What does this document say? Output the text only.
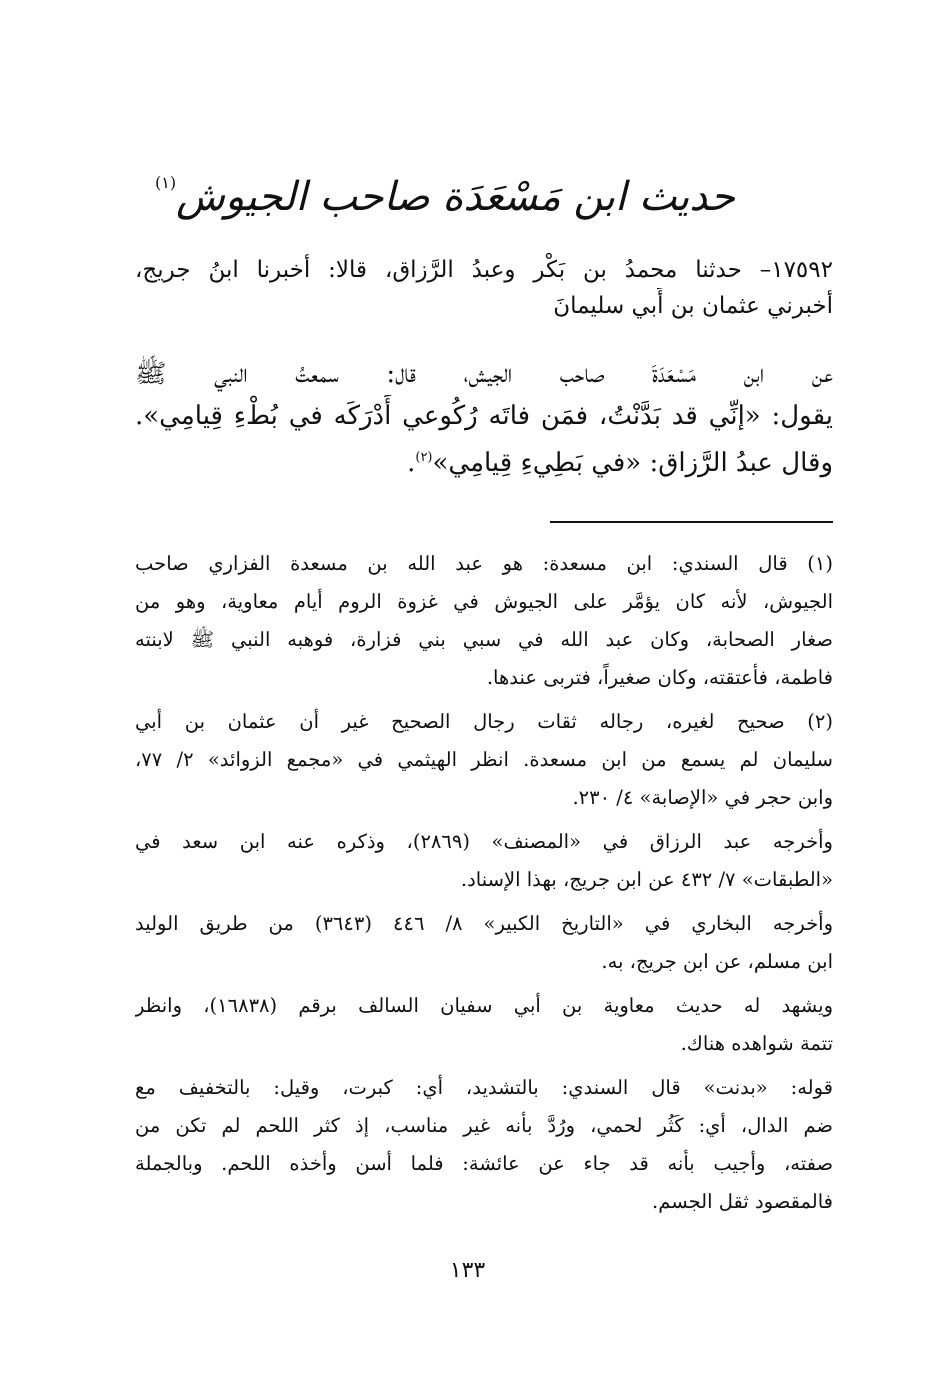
حديث ابن مَسْعَدَة صاحب الجيوش$^{(١)}$
١٧٥٩٢– حدثنا محمدُ بن بَكْر وعبدُ الرَّزاق، قالا: أخبرنا ابنُ جريج،
أخبرني عثمان بن أَبي سليمانَ
عن ابن مَسْعَدَةَ صاحب الجيش، قال: سمعتُ النبي ﷺ
يقول: «إنِّي قد بَدَّنْتُ، فمَن فاتَه رُكُوعي أَدْرَكَه في بُطْءِ قِيامِي».
وقال عبدُ الرَّزاق: «في بَطِيءِ قِيامِي»$^{(٢)}$.
(١) قال السندي: ابن مسعدة: هو عبد الله بن مسعدة الفزاري صاحب
الجيوش، لأنه كان يؤمَّر على الجيوش في غزوة الروم أيام معاوية، وهو من
صغار الصحابة، وكان عبد الله في سبي بني فزارة، فوهبه النبي ﷺ لابنته
فاطمة، فأعتقته، وكان صغيراً، فتربى عندها.
(٢) صحيح لغيره، رجاله ثقات رجال الصحيح غير أن عثمان بن أبي
سليمان لم يسمع من ابن مسعدة. انظر الهيثمي في «مجمع الزوائد» ٢/ ٧٧،
وابن حجر في «الإصابة» ٤/ ٢٣٠.
وأخرجه عبد الرزاق في «المصنف» (٢٨٦٩)، وذكره عنه ابن سعد في
«الطبقات» ٧/ ٤٣٢ عن ابن جريج، بهذا الإسناد.
وأخرجه البخاري في «التاريخ الكبير» ٨/ ٤٤٦ (٣٦٤٣) من طريق الوليد
ابن مسلم، عن ابن جريج، به.
ويشهد له حديث معاوية بن أبي سفيان السالف برقم (١٦٨٣٨)، وانظر
تتمة شواهده هناك.
قوله: «بدنت» قال السندي: بالتشديد، أي: كبرت، وقيل: بالتخفيف مع
ضم الدال، أي: كَثُر لحمي، ورُدَّ بأنه غير مناسب، إذ كثر اللحم لم تكن من
صفته، وأجيب بأنه قد جاء عن عائشة: فلما أسن وأخذه اللحم. وبالجملة
فالمقصود ثقل الجسم.
١٣٣
